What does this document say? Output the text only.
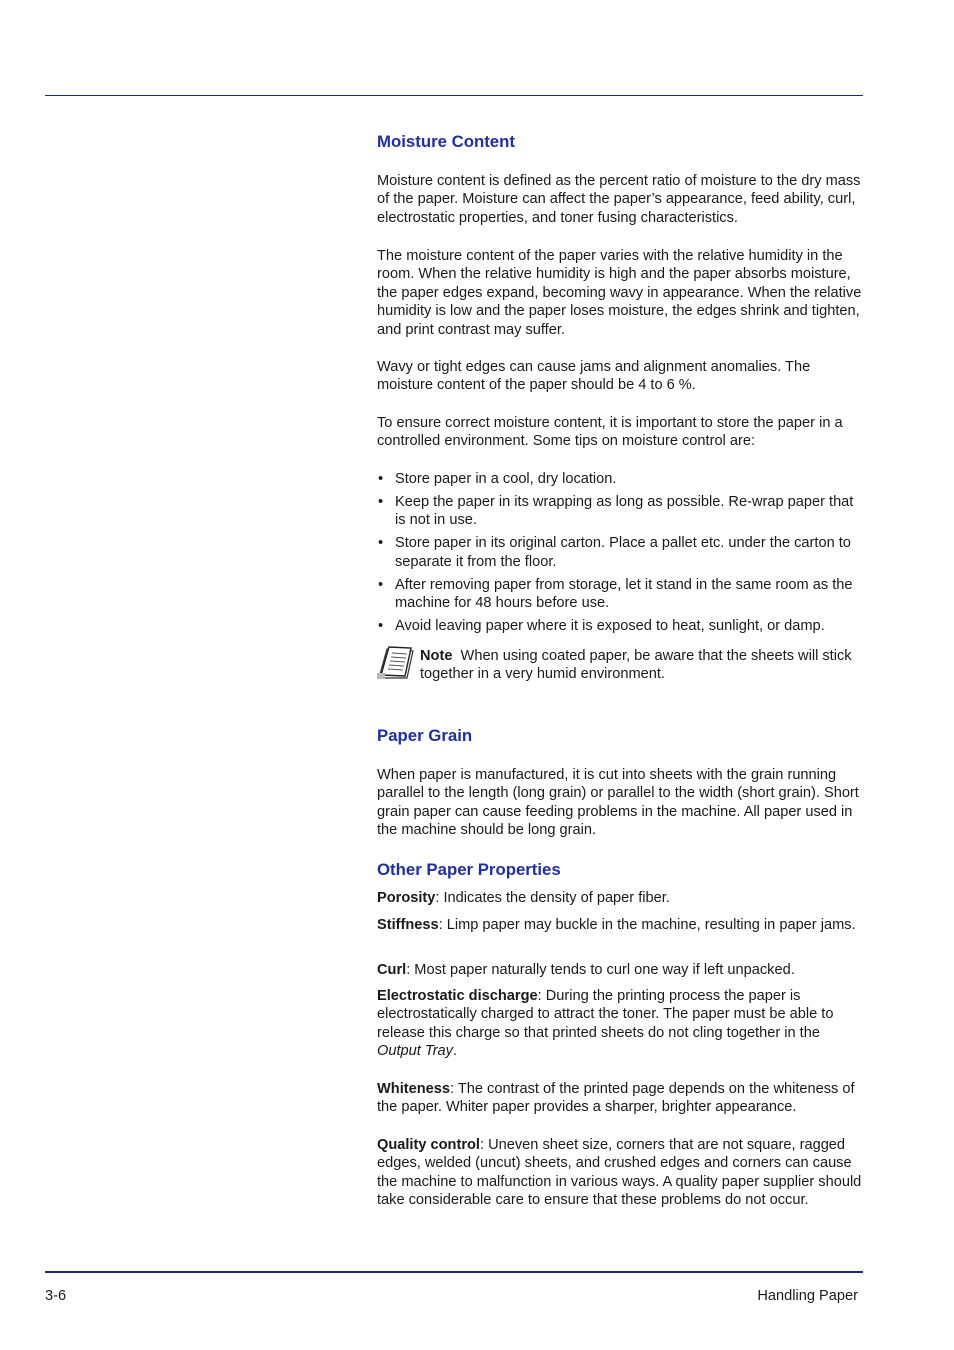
Moisture Content

Moisture content is defined as the percent ratio of moisture to the dry mass of the paper. Moisture can affect the paper’s appearance, feed ability, curl, electrostatic properties, and toner fusing characteristics.

The moisture content of the paper varies with the relative humidity in the room. When the relative humidity is high and the paper absorbs moisture, the paper edges expand, becoming wavy in appearance. When the relative humidity is low and the paper loses moisture, the edges shrink and tighten, and print contrast may suffer.

Wavy or tight edges can cause jams and alignment anomalies. The moisture content of the paper should be 4 to 6 %.

To ensure correct moisture content, it is important to store the paper in a controlled environment. Some tips on moisture control are:

• Store paper in a cool, dry location.
• Keep the paper in its wrapping as long as possible. Re-wrap paper that is not in use.
• Store paper in its original carton. Place a pallet etc. under the carton to separate it from the floor.
• After removing paper from storage, let it stand in the same room as the machine for 48 hours before use.
• Avoid leaving paper where it is exposed to heat, sunlight, or damp.

Note When using coated paper, be aware that the sheets will stick together in a very humid environment.

Paper Grain

When paper is manufactured, it is cut into sheets with the grain running parallel to the length (long grain) or parallel to the width (short grain). Short grain paper can cause feeding problems in the machine. All paper used in the machine should be long grain.

Other Paper Properties

Porosity: Indicates the density of paper fiber.

Stiffness: Limp paper may buckle in the machine, resulting in paper jams.

Curl: Most paper naturally tends to curl one way if left unpacked.

Electrostatic discharge: During the printing process the paper is electrostatically charged to attract the toner. The paper must be able to release this charge so that printed sheets do not cling together in the Output Tray.

Whiteness: The contrast of the printed page depends on the whiteness of the paper. Whiter paper provides a sharper, brighter appearance.

Quality control: Uneven sheet size, corners that are not square, ragged edges, welded (uncut) sheets, and crushed edges and corners can cause the machine to malfunction in various ways. A quality paper supplier should take considerable care to ensure that these problems do not occur.

3-6	Handling Paper
